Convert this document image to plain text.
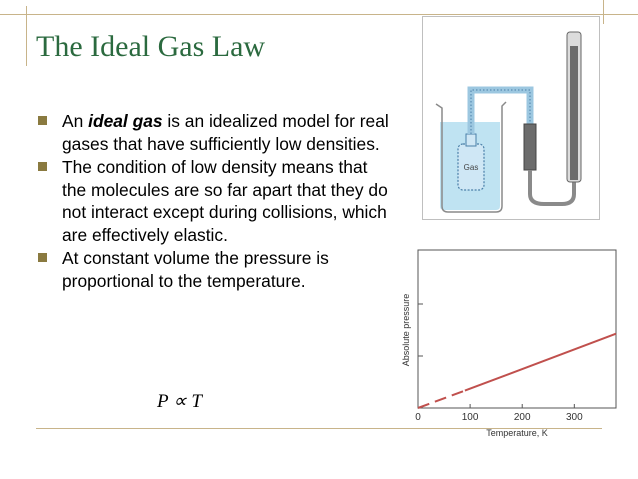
The Ideal Gas Law
An ideal gas is an idealized model for real gases that have sufficiently low densities.
The condition of low density means that the molecules are so far apart that they do not interact except during collisions, which are effectively elastic.
At constant volume the pressure is proportional to the temperature.
P ∝ T
Gas
Absolute pressure
Temperature, K
0	100	200	300
